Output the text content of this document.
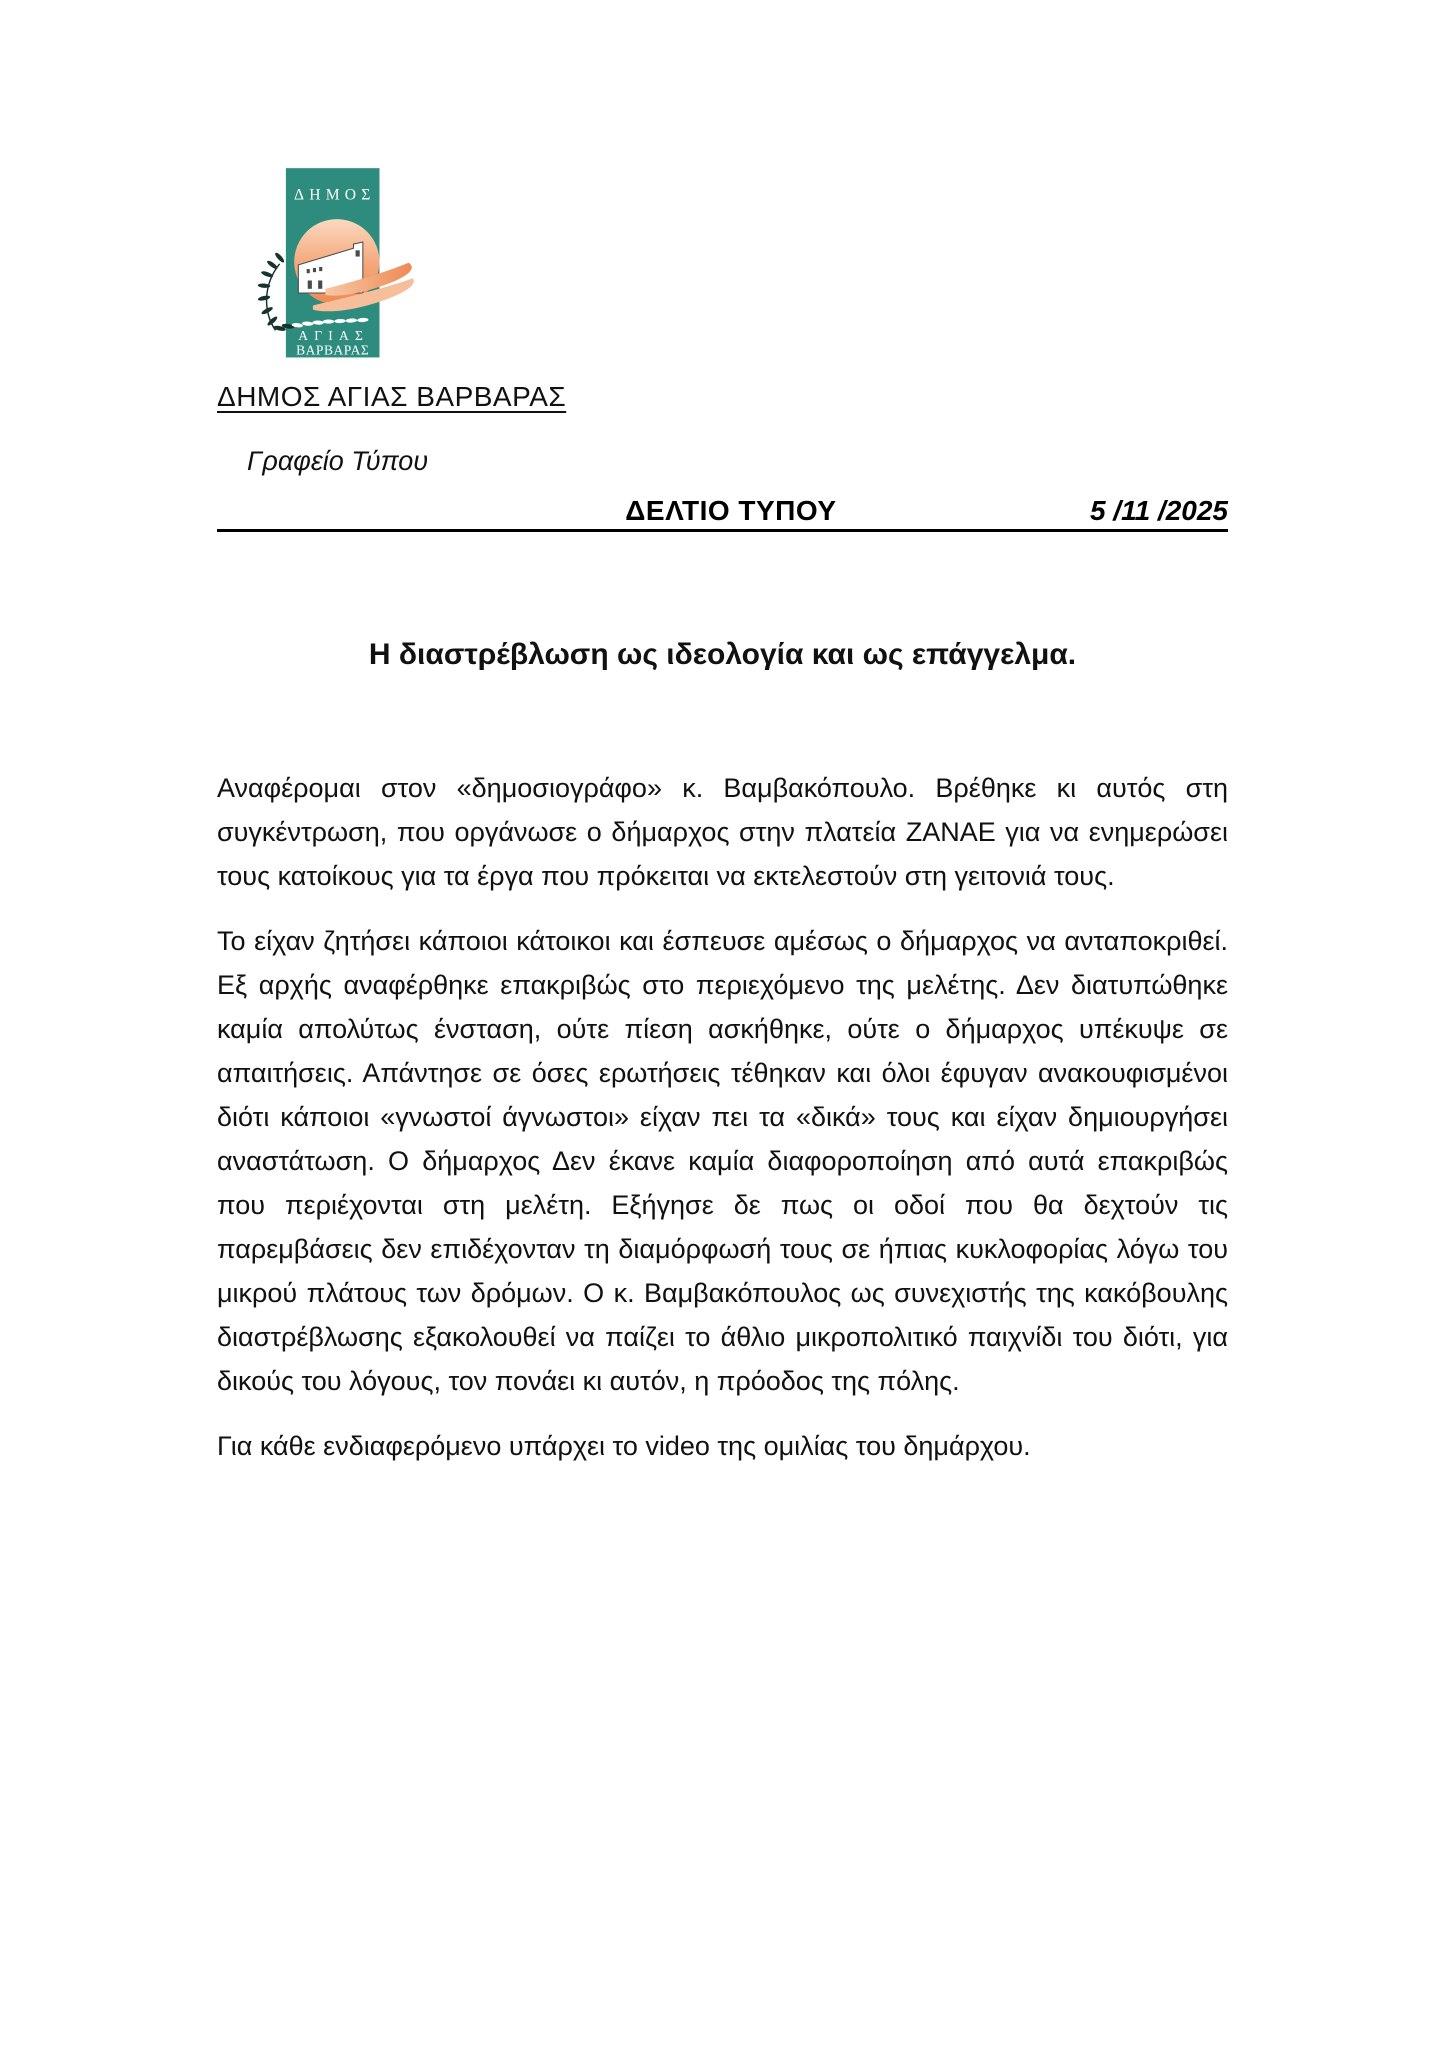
ΔΗΜΟΣ
ΑΓΙΑΣ
ΒΑΡΒΑΡΑΣ
ΔΗΜΟΣ ΑΓΙΑΣ ΒΑΡΒΑΡΑΣ
Γραφείο Τύπου
ΔΕΛΤΙΟ ΤΥΠΟΥ	5 /11 /2025
Η διαστρέβλωση ως ιδεολογία και ως επάγγελμα.

Αναφέρομαι στον «δημοσιογράφο» κ. Βαμβακόπουλο. Βρέθηκε κι αυτός στη συγκέντρωση, που οργάνωσε ο δήμαρχος στην πλατεία ΖΑΝΑΕ για να ενημερώσει τους κατοίκους για τα έργα που πρόκειται να εκτελεστούν στη γειτονιά τους.

Το είχαν ζητήσει κάποιοι κάτοικοι και έσπευσε αμέσως ο δήμαρχος να ανταποκριθεί. Εξ αρχής αναφέρθηκε επακριβώς στο περιεχόμενο της μελέτης. Δεν διατυπώθηκε καμία απολύτως ένσταση, ούτε πίεση ασκήθηκε, ούτε ο δήμαρχος υπέκυψε σε απαιτήσεις. Απάντησε σε όσες ερωτήσεις τέθηκαν και όλοι έφυγαν ανακουφισμένοι διότι κάποιοι «γνωστοί άγνωστοι» είχαν πει τα «δικά» τους και είχαν δημιουργήσει αναστάτωση. Ο δήμαρχος Δεν έκανε καμία διαφοροποίηση από αυτά επακριβώς που περιέχονται στη μελέτη. Εξήγησε δε πως οι οδοί που θα δεχτούν τις παρεμβάσεις δεν επιδέχονταν τη διαμόρφωσή τους σε ήπιας κυκλοφορίας λόγω του μικρού πλάτους των δρόμων. Ο κ. Βαμβακόπουλος ως συνεχιστής της κακόβουλης διαστρέβλωσης εξακολουθεί να παίζει το άθλιο μικροπολιτικό παιχνίδι του διότι, για δικούς του λόγους, τον πονάει κι αυτόν, η πρόοδος της πόλης.

Για κάθε ενδιαφερόμενο υπάρχει το video της ομιλίας του δημάρχου.
